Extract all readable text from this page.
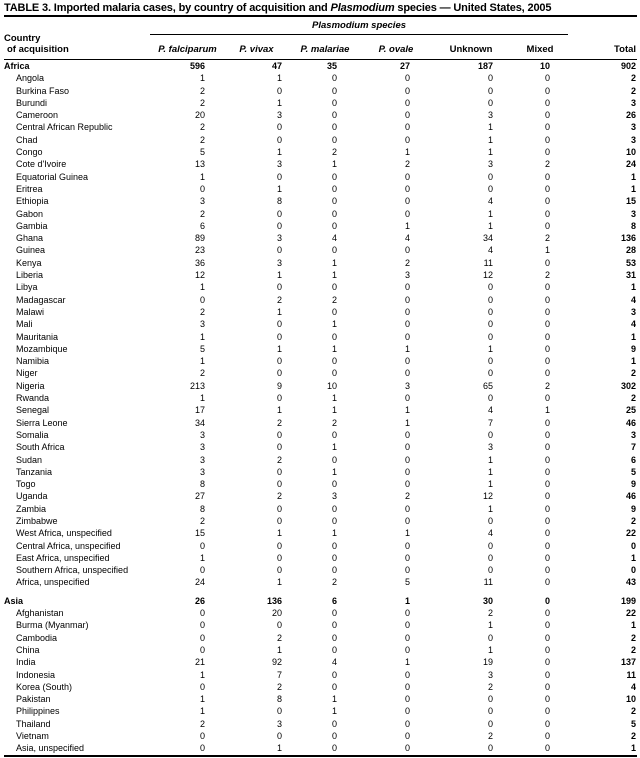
TABLE 3. Imported malaria cases, by country of acquisition and Plasmodium species — United States, 2005
Country
of acquisition	Plasmodium species						Total
	P. falciparum	P. vivax	P. malariae	P. ovale	Unknown	Mixed	
Africa	596	47	35	27	187	10	902
Angola	1	1	0	0	0	0	2
Burkina Faso	2	0	0	0	0	0	2
Burundi	2	1	0	0	0	0	3
Cameroon	20	3	0	0	3	0	26
Central African Republic	2	0	0	0	1	0	3
Chad	2	0	0	0	1	0	3
Congo	5	1	2	1	1	0	10
Cote d'Ivoire	13	3	1	2	3	2	24
Equatorial Guinea	1	0	0	0	0	0	1
Eritrea	0	1	0	0	0	0	1
Ethiopia	3	8	0	0	4	0	15
Gabon	2	0	0	0	1	0	3
Gambia	6	0	0	1	1	0	8
Ghana	89	3	4	4	34	2	136
Guinea	23	0	0	0	4	1	28
Kenya	36	3	1	2	11	0	53
Liberia	12	1	1	3	12	2	31
Libya	1	0	0	0	0	0	1
Madagascar	0	2	2	0	0	0	4
Malawi	2	1	0	0	0	0	3
Mali	3	0	1	0	0	0	4
Mauritania	1	0	0	0	0	0	1
Mozambique	5	1	1	1	1	0	9
Namibia	1	0	0	0	0	0	1
Niger	2	0	0	0	0	0	2
Nigeria	213	9	10	3	65	2	302
Rwanda	1	0	1	0	0	0	2
Senegal	17	1	1	1	4	1	25
Sierra Leone	34	2	2	1	7	0	46
Somalia	3	0	0	0	0	0	3
South Africa	3	0	1	0	3	0	7
Sudan	3	2	0	0	1	0	6
Tanzania	3	0	1	0	1	0	5
Togo	8	0	0	0	1	0	9
Uganda	27	2	3	2	12	0	46
Zambia	8	0	0	0	1	0	9
Zimbabwe	2	0	0	0	0	0	2
West Africa, unspecified	15	1	1	1	4	0	22
Central Africa, unspecified	0	0	0	0	0	0	0
East Africa, unspecified	1	0	0	0	0	0	1
Southern Africa, unspecified	0	0	0	0	0	0	0
Africa, unspecified	24	1	2	5	11	0	43
Asia	26	136	6	1	30	0	199
Afghanistan	0	20	0	0	2	0	22
Burma (Myanmar)	0	0	0	0	1	0	1
Cambodia	0	2	0	0	0	0	2
China	0	1	0	0	1	0	2
India	21	92	4	1	19	0	137
Indonesia	1	7	0	0	3	0	11
Korea (South)	0	2	0	0	2	0	4
Pakistan	1	8	1	0	0	0	10
Philippines	1	0	1	0	0	0	2
Thailand	2	3	0	0	0	0	5
Vietnam	0	0	0	0	2	0	2
Asia, unspecified	0	1	0	0	0	0	1
